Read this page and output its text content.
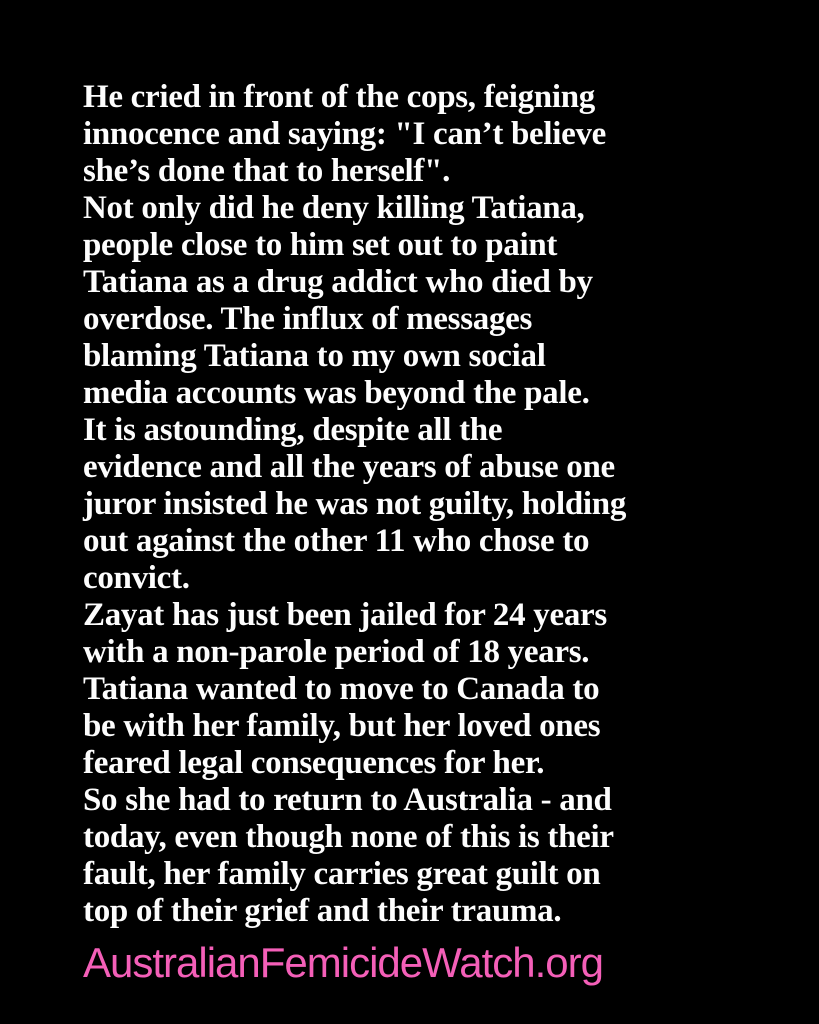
He cried in front of the cops, feigning
innocence and saying: "I can’t believe
she’s done that to herself".
Not only did he deny killing Tatiana,
people close to him set out to paint
Tatiana as a drug addict who died by
overdose. The influx of messages
blaming Tatiana to my own social
media accounts was beyond the pale.
It is astounding, despite all the
evidence and all the years of abuse one
juror insisted he was not guilty, holding
out against the other 11 who chose to
convict.
Zayat has just been jailed for 24 years
with a non-parole period of 18 years.
Tatiana wanted to move to Canada to
be with her family, but her loved ones
feared legal consequences for her.
So she had to return to Australia - and
today, even though none of this is their
fault, her family carries great guilt on
top of their grief and their trauma.
AustralianFemicideWatch.org
